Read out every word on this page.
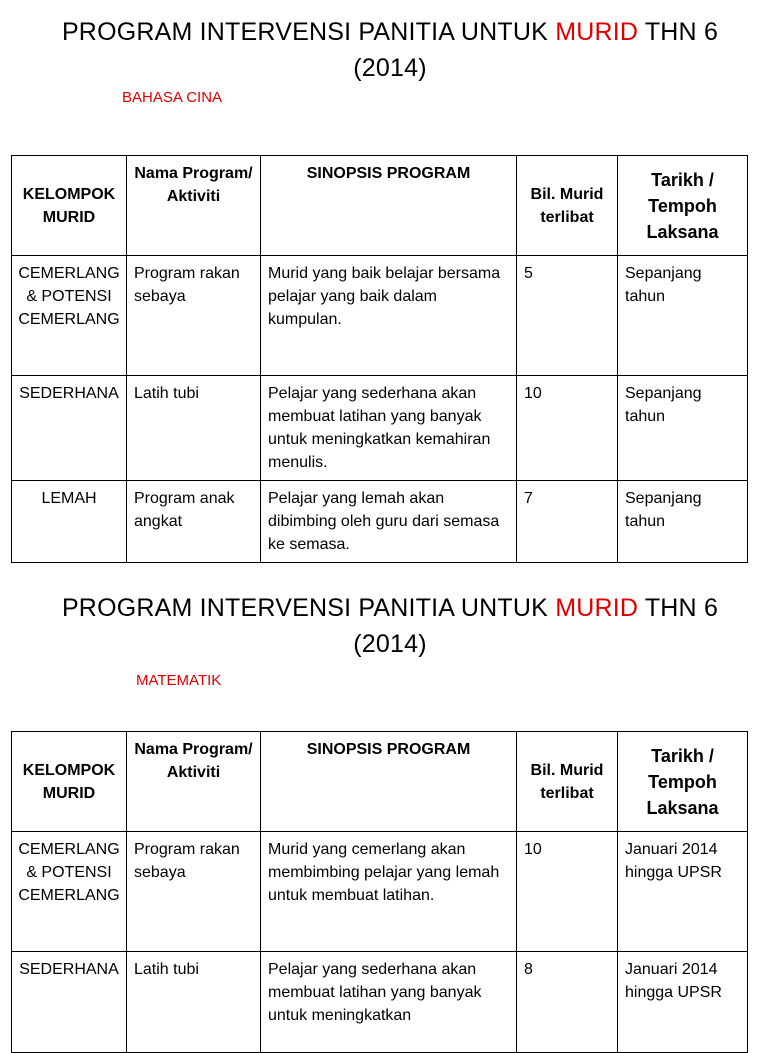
PROGRAM INTERVENSI PANITIA UNTUK MURID THN 6 (2014)
BAHASA CINA
KELOMPOK MURID	Nama Program/ Aktiviti	SINOPSIS PROGRAM	Bil. Murid terlibat	Tarikh / Tempoh Laksana
CEMERLANG & POTENSI CEMERLANG	Program rakan sebaya	Murid yang baik belajar bersama pelajar yang baik dalam kumpulan.	5	Sepanjang tahun
SEDERHANA	Latih tubi	Pelajar yang sederhana akan membuat latihan yang banyak untuk meningkatkan kemahiran menulis.	10	Sepanjang tahun
LEMAH	Program anak angkat	Pelajar yang lemah akan dibimbing oleh guru dari semasa ke semasa.	7	Sepanjang tahun
PROGRAM INTERVENSI PANITIA UNTUK MURID THN 6 (2014)
MATEMATIK
KELOMPOK MURID	Nama Program/ Aktiviti	SINOPSIS PROGRAM	Bil. Murid terlibat	Tarikh / Tempoh Laksana
CEMERLANG & POTENSI CEMERLANG	Program rakan sebaya	Murid yang cemerlang akan membimbing pelajar yang lemah untuk membuat latihan.	10	Januari 2014 hingga UPSR
SEDERHANA	Latih tubi	Pelajar yang sederhana akan membuat latihan yang banyak untuk meningkatkan	8	Januari 2014 hingga UPSR
